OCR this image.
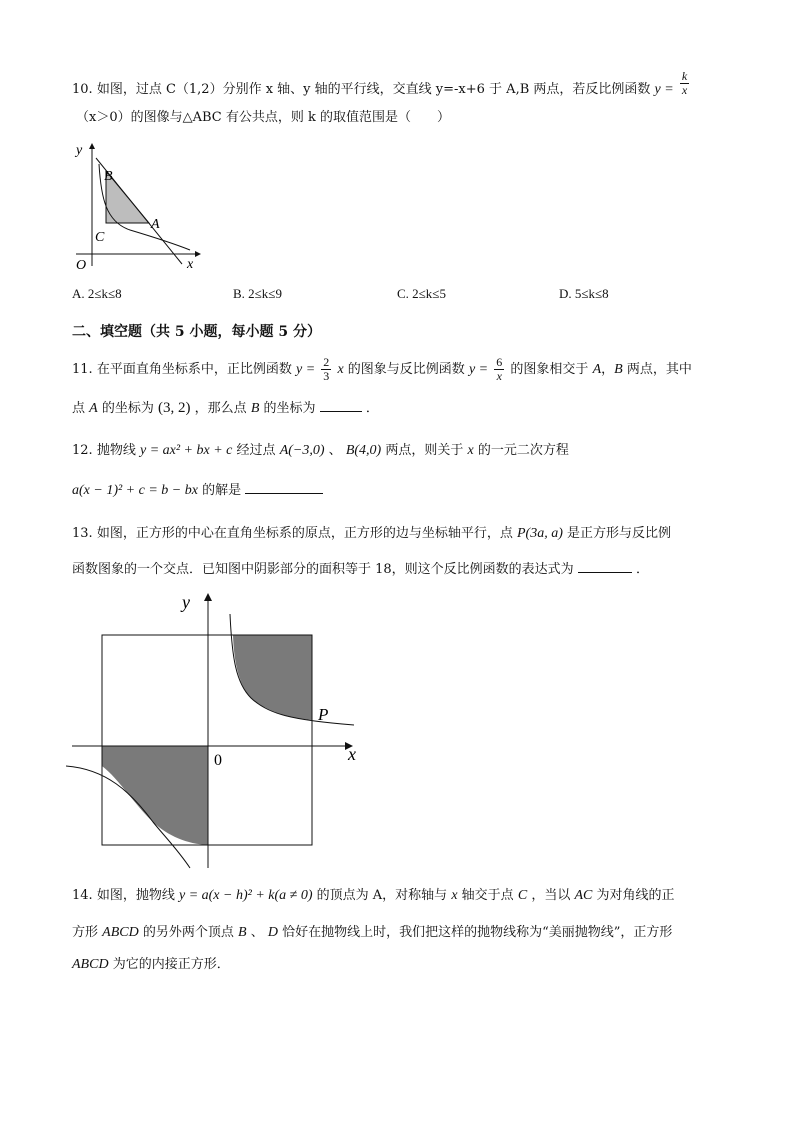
10. 如图，过点 C（1,2）分别作 x 轴、y 轴的平行线，交直线 y=-x+6 于 A,B 两点，若反比例函数 $y = \frac{k}{x}$
（x＞0）的图像与△ABC 有公共点，则 k 的取值范围是（　　）
y
x
O
B
A
C
A. 2≤k≤8	B. 2≤k≤9	C. 2≤k≤5	D. 5≤k≤8
二、填空题（共 5 小题，每小题 5 分）
11. 在平面直角坐标系中，正比例函数 $y = \frac{2}{3}$ x 的图象与反比例函数 $y = \frac{6}{x}$ 的图象相交于 A，B 两点，其中
点 A 的坐标为 (3, 2) ，那么点 B 的坐标为	．
12. 抛物线 y = ax² + bx + c 经过点 A(−3,0) 、 B(4,0) 两点，则关于 x 的一元二次方程
a(x − 1)² + c = b − bx 的解是
13. 如图，正方形的中心在直角坐标系的原点，正方形的边与坐标轴平行，点 P(3a, a) 是正方形与反比例
函数图象的一个交点．已知图中阴影部分的面积等于 18，则这个反比例函数的表达式为	．
y
x
0
P
14. 如图，抛物线 y = a(x − h)² + k(a ≠ 0) 的顶点为 A，对称轴与 x 轴交于点 C ，当以 AC 为对角线的正
方形 ABCD 的另外两个顶点 B 、 D 恰好在抛物线上时，我们把这样的抛物线称为“美丽抛物线”，正方形
ABCD 为它的内接正方形．
